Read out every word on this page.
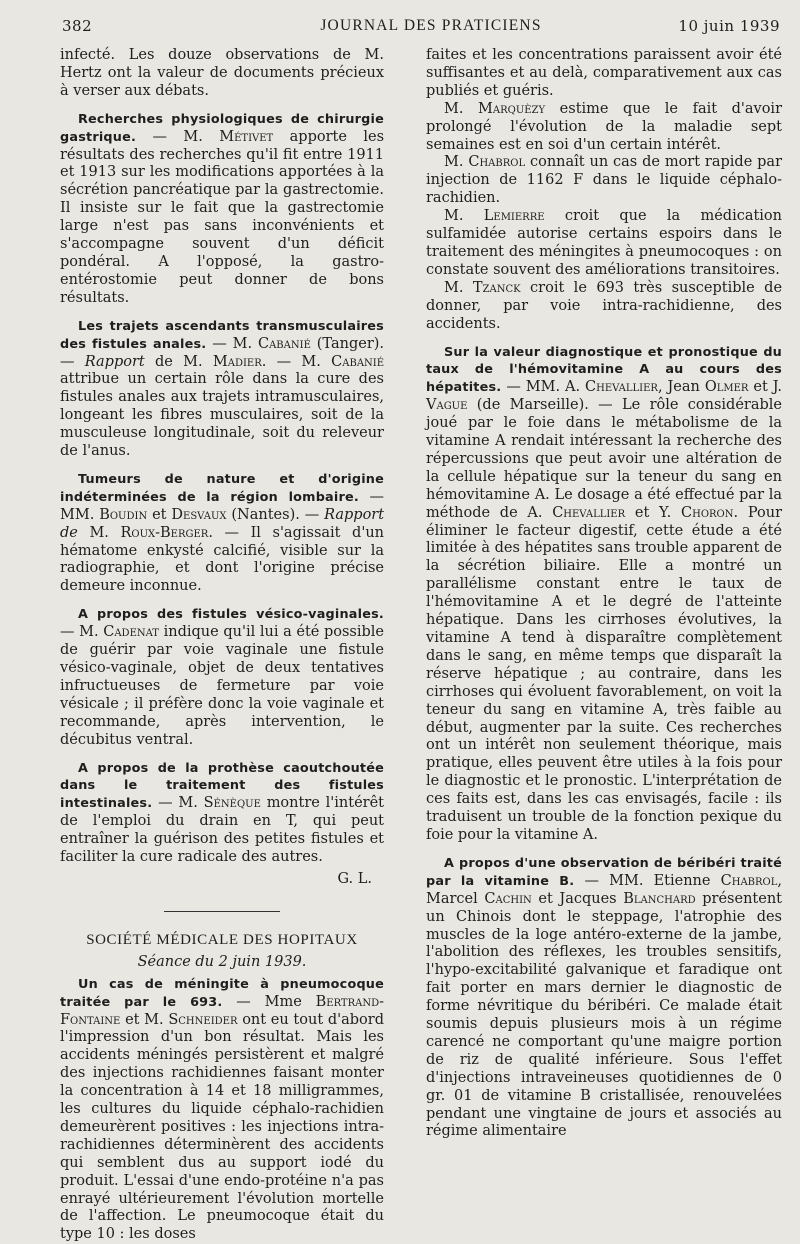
382	JOURNAL DES PRATICIENS	10 juin 1939

infecté. Les douze observations de M. Hertz ont la valeur de documents précieux à verser aux débats.

Recherches physiologiques de chirurgie gastrique. — M. Métivet apporte les résultats des recherches qu'il fit entre 1911 et 1913 sur les modifications apportées à la sécrétion pancréatique par la gastrectomie. Il insiste sur le fait que la gastrectomie large n'est pas sans inconvénients et s'accompagne souvent d'un déficit pondéral. A l'opposé, la gastro-entérostomie peut donner de bons résultats.

Les trajets ascendants transmusculaires des fistules anales. — M. Cabanié (Tanger). — Rapport de M. Madier. — M. Cabanié attribue un certain rôle dans la cure des fistules anales aux trajets intramusculaires, longeant les fibres musculaires, soit de la musculeuse longitudinale, soit du releveur de l'anus.

Tumeurs de nature et d'origine indéterminées de la région lombaire. — MM. Boudin et Desvaux (Nantes). — Rapport de M. Roux-Berger. — Il s'agissait d'un hématome enkysté calcifié, visible sur la radiographie, et dont l'origine précise demeure inconnue.

A propos des fistules vésico-vaginales. — M. Cadenat indique qu'il lui a été possible de guérir par voie vaginale une fistule vésico-vaginale, objet de deux tentatives infructueuses de fermeture par voie vésicale ; il préfère donc la voie vaginale et recommande, après intervention, le décubitus ventral.

A propos de la prothèse caoutchoutée dans le traitement des fistules intestinales. — M. Sénèque montre l'intérêt de l'emploi du drain en T, qui peut entraîner la guérison des petites fistules et faciliter la cure radicale des autres.

G. L.

SOCIÉTÉ MÉDICALE DES HOPITAUX

Séance du 2 juin 1939.

Un cas de méningite à pneumocoque traitée par le 693. — Mme Bertrand-Fontaine et M. Schneider ont eu tout d'abord l'impression d'un bon résultat. Mais les accidents méningés persistèrent et malgré des injections rachidiennes faisant monter la concentration à 14 et 18 milligrammes, les cultures du liquide céphalo-rachidien demeurèrent positives : les injections intra-rachidiennes déterminèrent des accidents qui semblent dus au support iodé du produit. L'essai d'une endo-protéine n'a pas enrayé ultérieurement l'évolution mortelle de l'affection. Le pneumocoque était du type 10 : les doses

faites et les concentrations paraissent avoir été suffisantes et au delà, comparativement aux cas publiés et guéris.

M. Marquèzy estime que le fait d'avoir prolongé l'évolution de la maladie sept semaines est en soi d'un certain intérêt.

M. Chabrol connaît un cas de mort rapide par injection de 1162 F dans le liquide céphalo-rachidien.

M. Lemierre croit que la médication sulfamidée autorise certains espoirs dans le traitement des méningites à pneumocoques : on constate souvent des améliorations transitoires.

M. Tzanck croit le 693 très susceptible de donner, par voie intra-rachidienne, des accidents.

Sur la valeur diagnostique et pronostique du taux de l'hémovitamine A au cours des hépatites. — MM. A. Chevallier, Jean Olmer et J. Vague (de Marseille). — Le rôle considérable joué par le foie dans le métabolisme de la vitamine A rendait intéressant la recherche des répercussions que peut avoir une altération de la cellule hépatique sur la teneur du sang en hémovitamine A. Le dosage a été effectué par la méthode de A. Chevallier et Y. Choron. Pour éliminer le facteur digestif, cette étude a été limitée à des hépatites sans trouble apparent de la sécrétion biliaire. Elle a montré un parallélisme constant entre le taux de l'hémovitamine A et le degré de l'atteinte hépatique. Dans les cirrhoses évolutives, la vitamine A tend à disparaître complètement dans le sang, en même temps que disparaît la réserve hépatique ; au contraire, dans les cirrhoses qui évoluent favorablement, on voit la teneur du sang en vitamine A, très faible au début, augmenter par la suite. Ces recherches ont un intérêt non seulement théorique, mais pratique, elles peuvent être utiles à la fois pour le diagnostic et le pronostic. L'interprétation de ces faits est, dans les cas envisagés, facile : ils traduisent un trouble de la fonction pexique du foie pour la vitamine A.

A propos d'une observation de béribéri traité par la vitamine B. — MM. Etienne Chabrol, Marcel Cachin et Jacques Blanchard présentent un Chinois dont le steppage, l'atrophie des muscles de la loge antéro-externe de la jambe, l'abolition des réflexes, les troubles sensitifs, l'hypo-excitabilité galvanique et faradique ont fait porter en mars dernier le diagnostic de forme névritique du béribéri. Ce malade était soumis depuis plusieurs mois à un régime carencé ne comportant qu'une maigre portion de riz de qualité inférieure. Sous l'effet d'injections intraveineuses quotidiennes de 0 gr. 01 de vitamine B cristallisée, renouvelées pendant une vingtaine de jours et associés au régime alimentaire
